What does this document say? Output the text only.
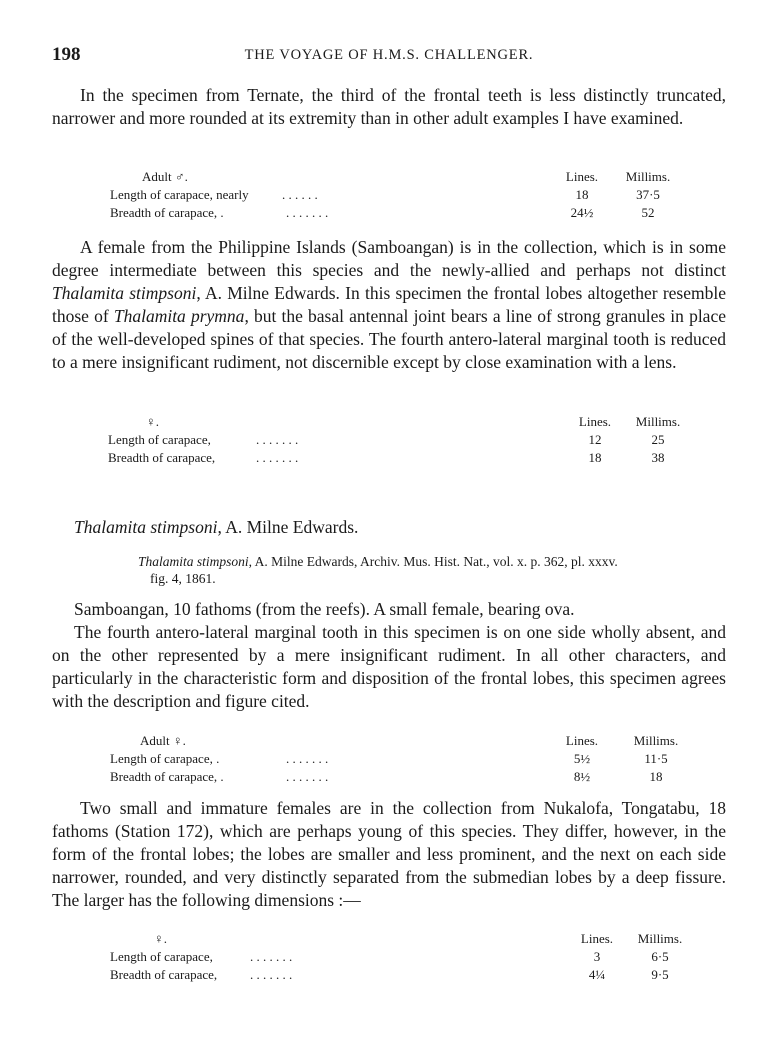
198	THE VOYAGE OF H.M.S. CHALLENGER.

In the specimen from Ternate, the third of the frontal teeth is less distinctly truncated, narrower and more rounded at its extremity than in other adult examples I have examined.

Adult ♂.	Lines.	Millims.
Length of carapace, nearly	. . . . . .	18	37·5
Breadth of carapace, .	. . . . . . .	24½	52

A female from the Philippine Islands (Samboangan) is in the collection, which is in some degree intermediate between this species and the newly-allied and perhaps not distinct Thalamita stimpsoni, A. Milne Edwards. In this specimen the frontal lobes altogether resemble those of Thalamita prymna, but the basal antennal joint bears a line of strong granules in place of the well-developed spines of that species. The fourth antero-lateral marginal tooth is reduced to a mere insignificant rudiment, not discernible except by close examination with a lens.

♀.	Lines.	Millims.
Length of carapace,	. . . . . . .	12	25
Breadth of carapace,	. . . . . . .	18	38
Thalamita stimpsoni, A. Milne Edwards.
Thalamita stimpsoni, A. Milne Edwards, Archiv. Mus. Hist. Nat., vol. x. p. 362, pl. xxxv.
fig. 4, 1861.

Samboangan, 10 fathoms (from the reefs). A small female, bearing ova.

The fourth antero-lateral marginal tooth in this specimen is on one side wholly absent, and on the other represented by a mere insignificant rudiment. In all other characters, and particularly in the characteristic form and disposition of the frontal lobes, this specimen agrees with the description and figure cited.

Adult ♀.	Lines.	Millims.
Length of carapace, .	. . . . . . .	5½	11·5
Breadth of carapace, .	. . . . . . .	8½	18

Two small and immature females are in the collection from Nukalofa, Tongatabu, 18 fathoms (Station 172), which are perhaps young of this species. They differ, however, in the form of the frontal lobes; the lobes are smaller and less prominent, and the next on each side narrower, rounded, and very distinctly separated from the submedian lobes by a deep fissure. The larger has the following dimensions :—

♀.	Lines.	Millims.
Length of carapace,	. . . . . . .	3	6·5
Breadth of carapace,	. . . . . . .	4¼	9·5
